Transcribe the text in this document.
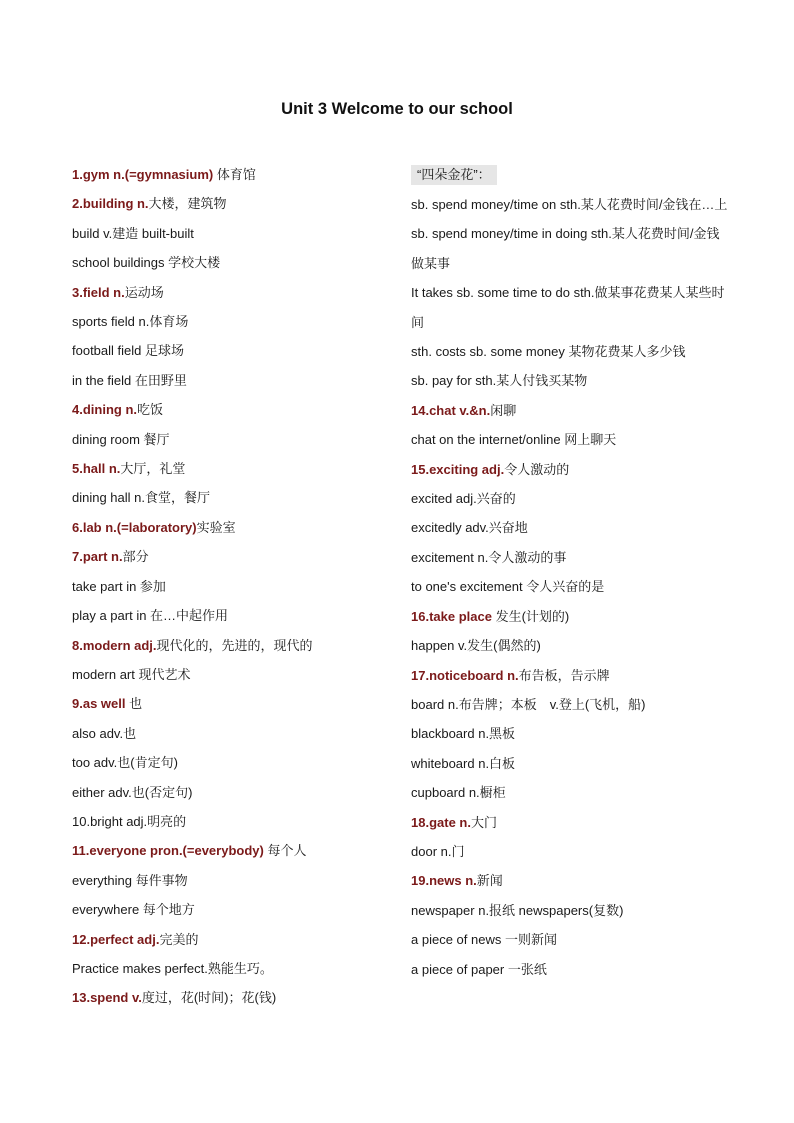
Unit 3 Welcome to our school
1.gym n.(=gymnasium) 体育馆
2.building n.大楼，建筑物
build v.建造 built-built
school buildings 学校大楼
3.field n.运动场
sports field n.体育场
football field 足球场
in the field 在田野里
4.dining n.吃饭
dining room 餐厅
5.hall n.大厅，礼堂
dining hall n.食堂，餐厅
6.lab n.(=laboratory)实验室
7.part n.部分
take part in 参加
play a part in 在…中起作用
8.modern adj.现代化的，先进的，现代的
modern art 现代艺术
9.as well 也
also adv.也
too adv.也(肯定句)
either adv.也(否定句)
10.bright adj.明亮的
11.everyone pron.(=everybody) 每个人
everything 每件事物
everywhere 每个地方
12.perfect adj.完美的
Practice makes perfect.熟能生巧。
13.spend v.度过，花(时间)；花(钱)
“四朵金花”：
sb. spend money/time on sth.某人花费时间/金钱在…上
sb. spend money/time in doing sth.某人花费时间/金钱做某事
It takes sb. some time to do sth.做某事花费某人某些时间
sth. costs sb. some money 某物花费某人多少钱
sb. pay for sth.某人付钱买某物
14.chat v.&n.闲聊
chat on the internet/online 网上聊天
15.exciting adj.令人激动的
excited adj.兴奋的
excitedly adv.兴奋地
excitement n.令人激动的事
to one's excitement 令人兴奋的是
16.take place 发生(计划的)
happen v.发生(偶然的)
17.noticeboard n.布告板，告示牌
board n.布告牌；本板　v.登上(飞机，船)
blackboard n.黑板
whiteboard n.白板
cupboard n.橱柜
18.gate n.大门
door n.门
19.news n.新闻
newspaper n.报纸 newspapers(复数)
a piece of news 一则新闻
a piece of paper 一张纸
